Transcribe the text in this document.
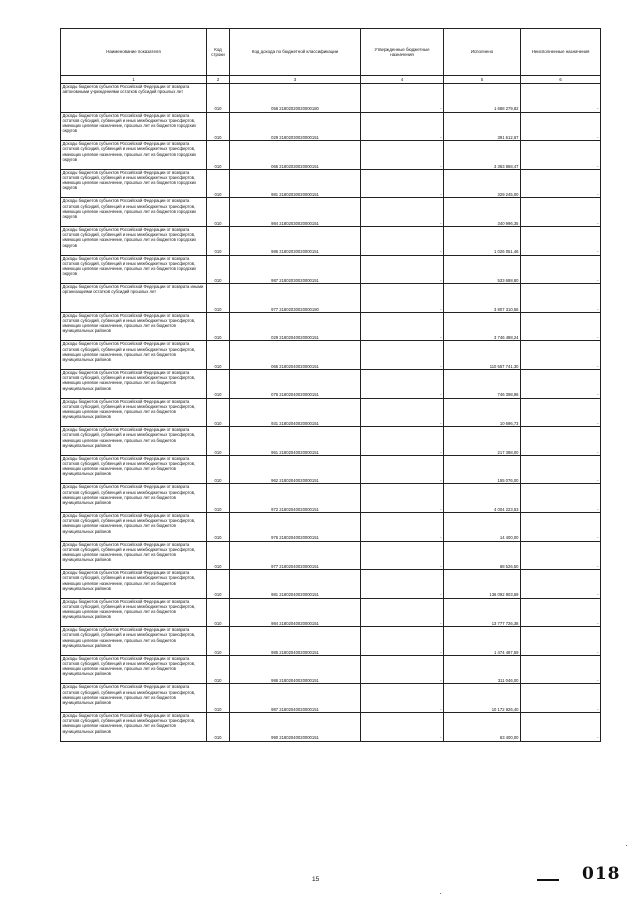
Наименование показателя	Код строки	Код дохода по бюджетной классификации	Утвержденные бюджетные назначения	Исполнено	Неисполненные назначения
1	2	3	4	5	6
Доходы бюджетов субъектов Российской Федерации от возврата автономными учреждениями остатков субсидий прошлых лет	010	056 21802020020000180	-	1 668 279,82	-
Доходы бюджетов субъектов Российской Федерации от возврата остатков субсидий, субвенций и иных межбюджетных трансфертов, имеющих целевое назначение, прошлых лет из бюджетов городских округов	010	029 21802030020000151	-	391 612,67	-
Доходы бюджетов субъектов Российской Федерации от возврата остатков субсидий, субвенций и иных межбюджетных трансфертов, имеющих целевое назначение, прошлых лет из бюджетов городских округов	010	066 21802030020000151	-	3 363 868,47	-
Доходы бюджетов субъектов Российской Федерации от возврата остатков субсидий, субвенций и иных межбюджетных трансфертов, имеющих целевое назначение, прошлых лет из бюджетов городских округов	010	981 21802030020000151	-	329 245,00	-
Доходы бюджетов субъектов Российской Федерации от возврата остатков субсидий, субвенций и иных межбюджетных трансфертов, имеющих целевое назначение, прошлых лет из бюджетов городских округов	010	984 21802030020000151	-	340 996,35	-
Доходы бюджетов субъектов Российской Федерации от возврата остатков субсидий, субвенций и иных межбюджетных трансфертов, имеющих целевое назначение, прошлых лет из бюджетов городских округов	010	986 21802030020000151	-	1 026 051,46	-
Доходы бюджетов субъектов Российской Федерации от возврата остатков субсидий, субвенций и иных межбюджетных трансфертов, имеющих целевое назначение, прошлых лет из бюджетов городских округов	010	987 21802030020000151	-	533 688,80	-
Доходы бюджетов субъектов Российской Федерации от возврата иными организациями остатков субсидий прошлых лет	010	977 21802030020000180	-	3 807 310,56	-
Доходы бюджетов субъектов Российской Федерации от возврата остатков субсидий, субвенций и иных межбюджетных трансфертов, имеющих целевое назначение, прошлых лет из бюджетов муниципальных районов	010	029 21802040020000151	-	3 746 488,24	-
Доходы бюджетов субъектов Российской Федерации от возврата остатков субсидий, субвенций и иных межбюджетных трансфертов, имеющих целевое назначение, прошлых лет из бюджетов муниципальных районов	010	066 21802040020000151	-	110 557 741,30	-
Доходы бюджетов субъектов Российской Федерации от возврата остатков субсидий, субвенций и иных межбюджетных трансфертов, имеющих целевое назначение, прошлых лет из бюджетов муниципальных районов	010	076 21802040020000151	-	746 398,96	-
Доходы бюджетов субъектов Российской Федерации от возврата остатков субсидий, субвенций и иных межбюджетных трансфертов, имеющих целевое назначение, прошлых лет из бюджетов муниципальных районов	010	931 21802040020000151	-	10 696,73	-
Доходы бюджетов субъектов Российской Федерации от возврата остатков субсидий, субвенций и иных межбюджетных трансфертов, имеющих целевое назначение, прошлых лет из бюджетов муниципальных районов	010	961 21802040020000151	-	217 388,00	-
Доходы бюджетов субъектов Российской Федерации от возврата остатков субсидий, субвенций и иных межбюджетных трансфертов, имеющих целевое назначение, прошлых лет из бюджетов муниципальных районов	010	962 21802040020000151	-	155 076,00	-
Доходы бюджетов субъектов Российской Федерации от возврата остатков субсидий, субвенций и иных межбюджетных трансфертов, имеющих целевое назначение, прошлых лет из бюджетов муниципальных районов	010	972 21802040020000151	-	4 004 223,53	-
Доходы бюджетов субъектов Российской Федерации от возврата остатков субсидий, субвенций и иных межбюджетных трансфертов, имеющих целевое назначение, прошлых лет из бюджетов муниципальных районов	010	976 21802040020000151	-	14 400,00	-
Доходы бюджетов субъектов Российской Федерации от возврата остатков субсидий, субвенций и иных межбюджетных трансфертов, имеющих целевое назначение, прошлых лет из бюджетов муниципальных районов	010	977 21802040020000151	-	68 526,50	-
Доходы бюджетов субъектов Российской Федерации от возврата остатков субсидий, субвенций и иных межбюджетных трансфертов, имеющих целевое назначение, прошлых лет из бюджетов муниципальных районов	010	981 21802040020000151	-	136 092 803,69	-
Доходы бюджетов субъектов Российской Федерации от возврата остатков субсидий, субвенций и иных межбюджетных трансфертов, имеющих целевое назначение, прошлых лет из бюджетов муниципальных районов	010	984 21802040020000151	-	13 777 726,38	-
Доходы бюджетов субъектов Российской Федерации от возврата остатков субсидий, субвенций и иных межбюджетных трансфертов, имеющих целевое назначение, прошлых лет из бюджетов муниципальных районов	010	985 21802040020000151	-	1 474 487,59	-
Доходы бюджетов субъектов Российской Федерации от возврата остатков субсидий, субвенций и иных межбюджетных трансфертов, имеющих целевое назначение, прошлых лет из бюджетов муниципальных районов	010	986 21802040020000151	-	311 046,00	-
Доходы бюджетов субъектов Российской Федерации от возврата остатков субсидий, субвенций и иных межбюджетных трансфертов, имеющих целевое назначение, прошлых лет из бюджетов муниципальных районов	010	987 21802040020000151	-	10 172 926,40	-
Доходы бюджетов субъектов Российской Федерации от возврата остатков субсидий, субвенций и иных межбюджетных трансфертов, имеющих целевое назначение, прошлых лет из бюджетов муниципальных районов	010	990 21802040020000151	-	63 400,00	-
15	018
